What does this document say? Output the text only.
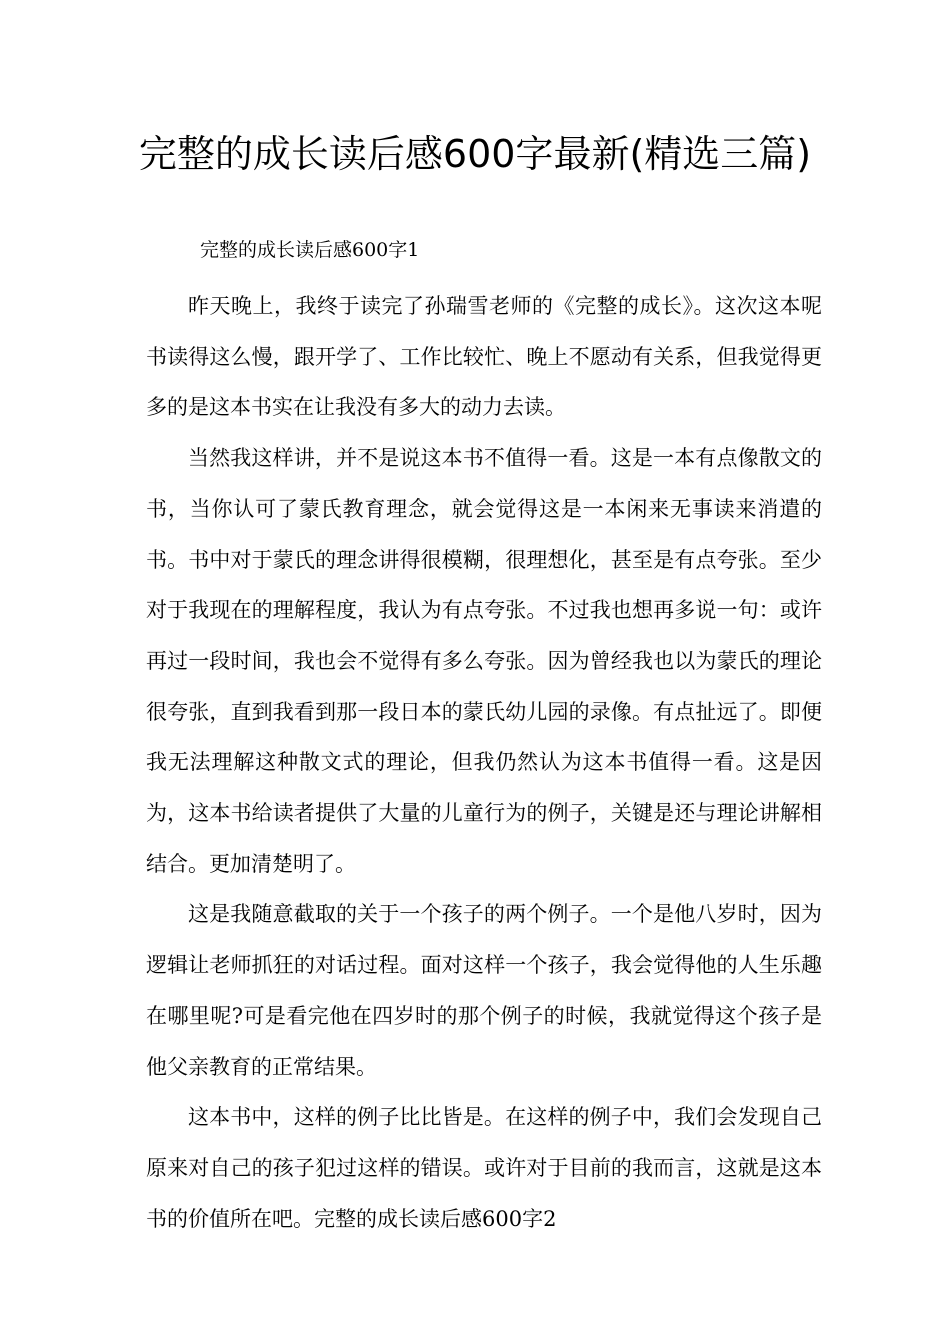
完整的成长读后感600字最新(精选三篇)
完整的成长读后感600字1

昨天晚上，我终于读完了孙瑞雪老师的《完整的成长》。这次这本呢书读得这么慢，跟开学了、工作比较忙、晚上不愿动有关系，但我觉得更多的是这本书实在让我没有多大的动力去读。

当然我这样讲，并不是说这本书不值得一看。这是一本有点像散文的书，当你认可了蒙氏教育理念，就会觉得这是一本闲来无事读来消遣的书。书中对于蒙氏的理念讲得很模糊，很理想化，甚至是有点夸张。至少对于我现在的理解程度，我认为有点夸张。不过我也想再多说一句：或许再过一段时间，我也会不觉得有多么夸张。因为曾经我也以为蒙氏的理论很夸张，直到我看到那一段日本的蒙氏幼儿园的录像。有点扯远了。即便我无法理解这种散文式的理论，但我仍然认为这本书值得一看。这是因为，这本书给读者提供了大量的儿童行为的例子，关键是还与理论讲解相结合。更加清楚明了。

这是我随意截取的关于一个孩子的两个例子。一个是他八岁时，因为逻辑让老师抓狂的对话过程。面对这样一个孩子，我会觉得他的人生乐趣在哪里呢?可是看完他在四岁时的那个例子的时候，我就觉得这个孩子是他父亲教育的正常结果。

这本书中，这样的例子比比皆是。在这样的例子中，我们会发现自己原来对自己的孩子犯过这样的错误。或许对于目前的我而言，这就是这本书的价值所在吧。完整的成长读后感600字2
